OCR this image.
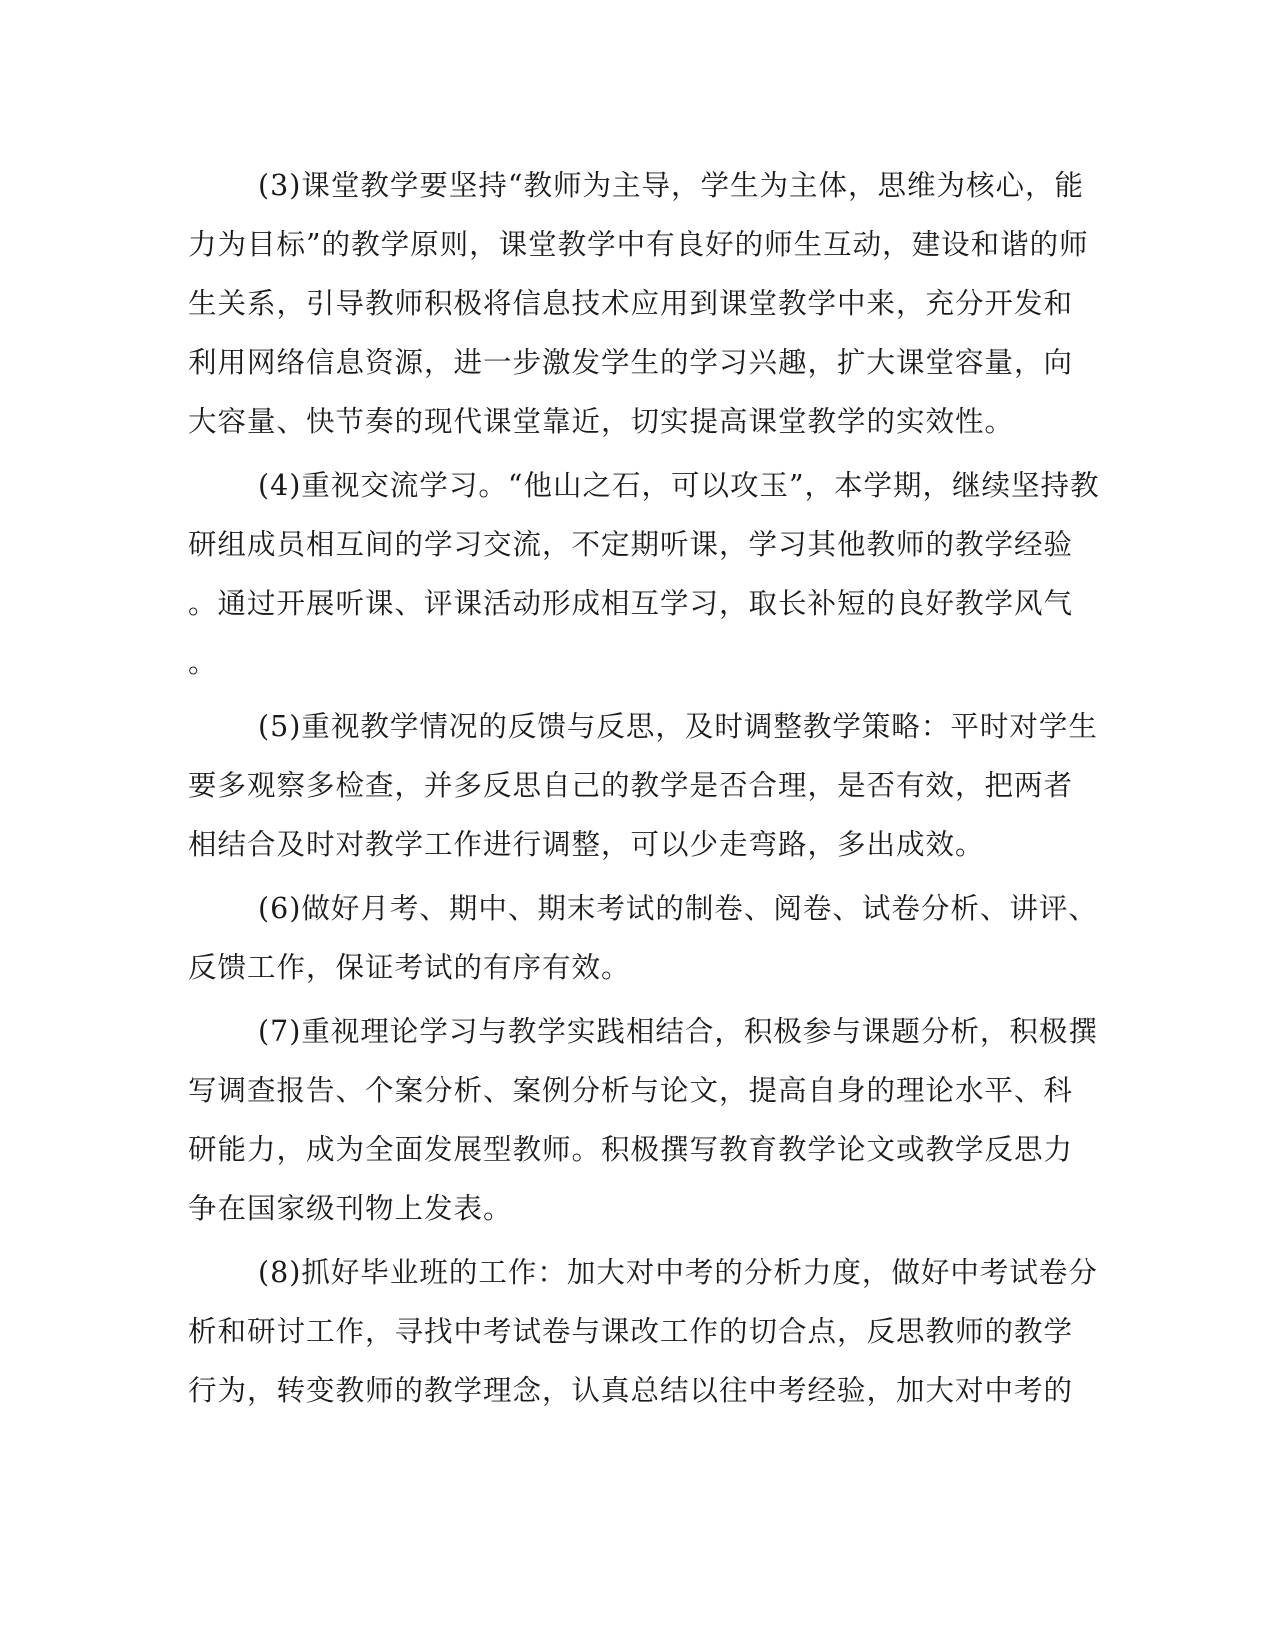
(3)课堂教学要坚持“教师为主导，学生为主体，思维为核心，能
力为目标”的教学原则，课堂教学中有良好的师生互动，建设和谐的师
生关系，引导教师积极将信息技术应用到课堂教学中来，充分开发和
利用网络信息资源，进一步激发学生的学习兴趣，扩大课堂容量，向
大容量、快节奏的现代课堂靠近，切实提高课堂教学的实效性。

(4)重视交流学习。“他山之石，可以攻玉”，本学期，继续坚持教
研组成员相互间的学习交流，不定期听课，学习其他教师的教学经验
。通过开展听课、评课活动形成相互学习，取长补短的良好教学风气
。

(5)重视教学情况的反馈与反思，及时调整教学策略：平时对学生
要多观察多检查，并多反思自己的教学是否合理，是否有效，把两者
相结合及时对教学工作进行调整，可以少走弯路，多出成效。

(6)做好月考、期中、期末考试的制卷、阅卷、试卷分析、讲评、
反馈工作，保证考试的有序有效。

(7)重视理论学习与教学实践相结合，积极参与课题分析，积极撰
写调查报告、个案分析、案例分析与论文，提高自身的理论水平、科
研能力，成为全面发展型教师。积极撰写教育教学论文或教学反思力
争在国家级刊物上发表。

(8)抓好毕业班的工作：加大对中考的分析力度，做好中考试卷分
析和研讨工作，寻找中考试卷与课改工作的切合点，反思教师的教学
行为，转变教师的教学理念，认真总结以往中考经验，加大对中考的
